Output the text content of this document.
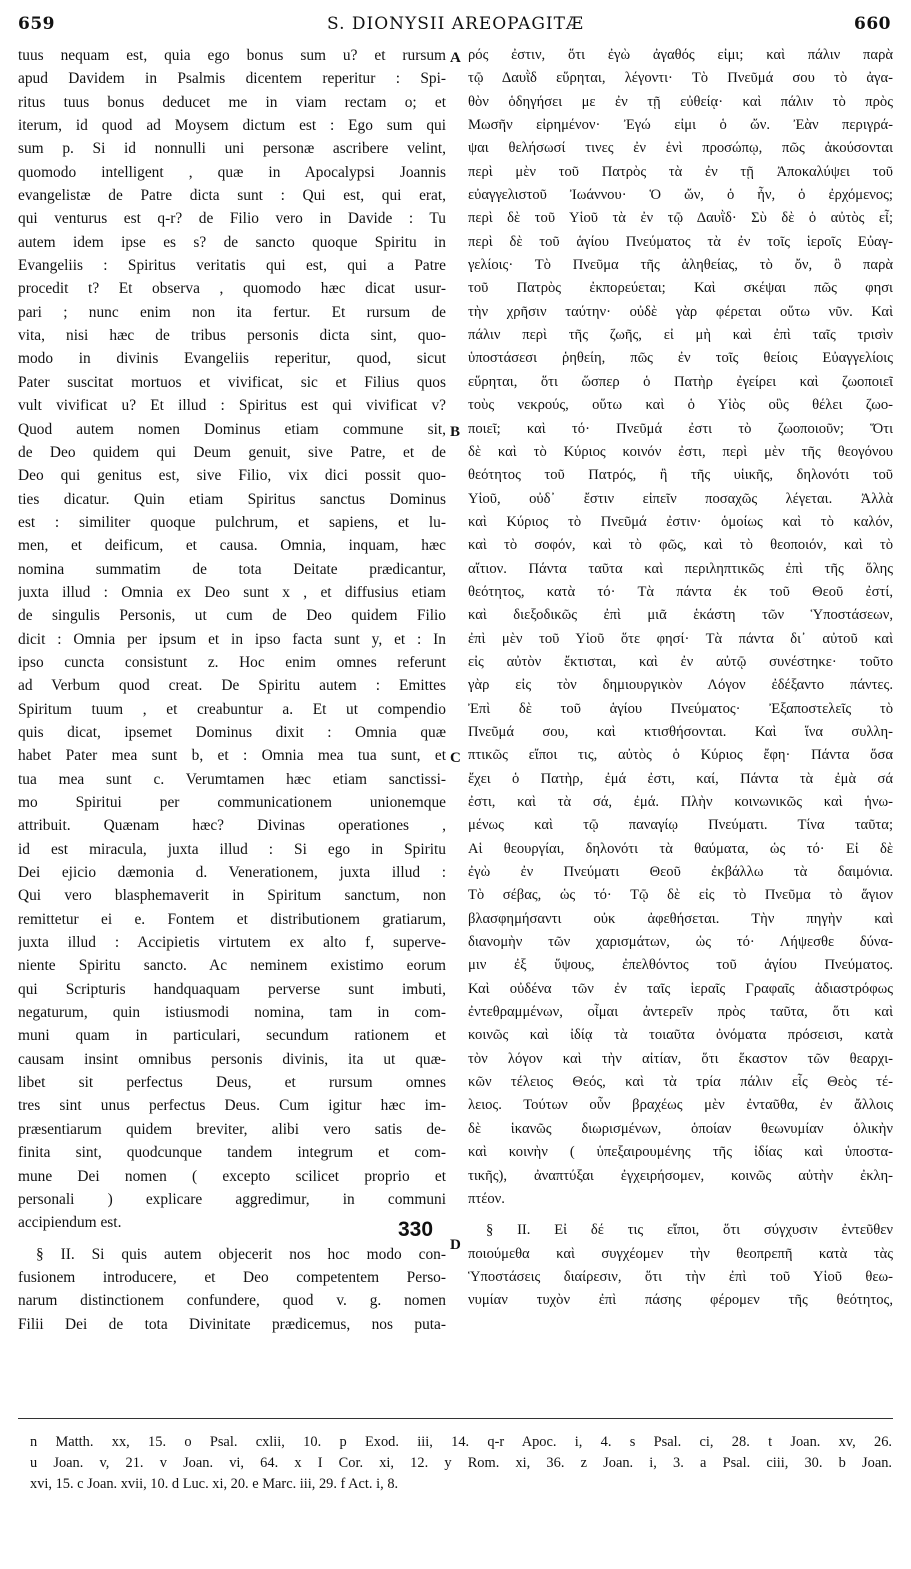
659	S. DIONYSII AREOPAGITÆ	660
tuus nequam est, quia ego bonus sum u? et rursum
apud Davidem in Psalmis dicentem reperitur : Spi-
ritus tuus bonus deducet me in viam rectam o; et
iterum, id quod ad Moysem dictum est : Ego sum qui
sum p. Si id nonnulli uni personæ ascribere velint,
quomodo intelligent , quæ in Apocalypsi Joannis
evangelistæ de Patre dicta sunt : Qui est, qui erat,
qui venturus est q-r? de Filio vero in Davide : Tu
autem idem ipse es s? de sancto quoque Spiritu in
Evangeliis : Spiritus veritatis qui est, qui a Patre
procedit t? Et observa , quomodo hæc dicat usur-
pari ; nunc enim non ita fertur. Et rursum de
vita, nisi hæc de tribus personis dicta sint, quo-
modo in divinis Evangeliis reperitur, quod, sicut
Pater suscitat mortuos et vivificat, sic et Filius quos
vult vivificat u? Et illud : Spiritus est qui vivificat v?
Quod autem nomen Dominus etiam commune sit,
de Deo quidem qui Deum genuit, sive Patre, et de
Deo qui genitus est, sive Filio, vix dici possit quo-
ties dicatur. Quin etiam Spiritus sanctus Dominus
est : similiter quoque pulchrum, et sapiens, et lu-
men, et deificum, et causa. Omnia, inquam, hæc
nomina summatim de tota Deitate prædicantur,
juxta illud : Omnia ex Deo sunt x , et diffusius etiam
de singulis Personis, ut cum de Deo quidem Filio
dicit : Omnia per ipsum et in ipso facta sunt y, et : In
ipso cuncta consistunt z. Hoc enim omnes referunt
ad Verbum quod creat. De Spiritu autem : Emittes
Spiritum tuum , et creabuntur a. Et ut compendio
quis dicat, ipsemet Dominus dixit : Omnia quæ
habet Pater mea sunt b, et : Omnia mea tua sunt, et
tua mea sunt c. Verumtamen hæc etiam sanctissi-
mo Spiritui per communicationem unionemque
attribuit. Quænam hæc? Divinas operationes ,
id est miracula, juxta illud : Si ego in Spiritu
Dei ejicio dæmonia d. Venerationem, juxta illud :
Qui vero blasphemaverit in Spiritum sanctum, non
remittetur ei e. Fontem et distributionem gratiarum,
juxta illud : Accipietis virtutem ex alto f, superve-
niente Spiritu sancto. Ac neminem existimo eorum
qui Scripturis handquaquam perverse sunt imbuti,
negaturum, quin istiusmodi nomina, tam in com-
muni quam in particulari, secundum rationem et
causam insint omnibus personis divinis, ita ut quæ-
libet sit perfectus Deus, et rursum omnes
tres sint unus perfectus Deus. Cum igitur hæc im-
præsentiarum quidem breviter, alibi vero satis de-
finita sint, quodcunque tandem integrum et com-
mune Dei nomen ( excepto scilicet proprio et
personali ) explicare aggredimur, in communi
accipiendum est.
§ II. Si quis autem objecerit nos hoc modo con-
fusionem introducere, et Deo competentem Perso-
narum distinctionem confundere, quod v. g. nomen
Filii Dei de tota Divinitate prædicemus, nos puta-
ρός ἐστιν, ὅτι ἐγὼ ἀγαθός εἰμι; καὶ πάλιν παρὰ
τῷ Δαυῒδ εὕρηται, λέγοντι· Τὸ Πνεῦμά σου τὸ ἀγα-
θὸν ὁδηγήσει με ἐν τῇ εὐθείᾳ· καὶ πάλιν τὸ πρὸς
Μωσῆν εἰρημένον· Ἐγώ εἰμι ὁ ὤν. Ἐὰν περιγρά-
ψαι θελήσωσί τινες ἐν ἑνὶ προσώπῳ, πῶς ἀκούσονται
περὶ μὲν τοῦ Πατρὸς τὰ ἐν τῇ Ἀποκαλύψει τοῦ
εὐαγγελιστοῦ Ἰωάννου· Ὁ ὤν, ὁ ἦν, ὁ ἐρχόμενος;
περὶ δὲ τοῦ Υἱοῦ τὰ ἐν τῷ Δαυῒδ· Σὺ δὲ ὁ αὐτὸς εἶ;
περὶ δὲ τοῦ ἁγίου Πνεύματος τὰ ἐν τοῖς ἱεροῖς Εὐαγ-
γελίοις· Τὸ Πνεῦμα τῆς ἀληθείας, τὸ ὄν, ὃ παρὰ
τοῦ Πατρὸς ἐκπορεύεται; Καὶ σκέψαι πῶς φησι
τὴν χρῆσιν ταύτην· οὐδὲ γὰρ φέρεται οὕτω νῦν. Καὶ
πάλιν περὶ τῆς ζωῆς, εἰ μὴ καὶ ἐπὶ ταῖς τρισὶν
ὑποστάσεσι ῥηθείη, πῶς ἐν τοῖς θείοις Εὐαγγελίοις
εὕρηται, ὅτι ὥσπερ ὁ Πατὴρ ἐγείρει καὶ ζωοποιεῖ
τοὺς νεκρούς, οὕτω καὶ ὁ Υἱὸς οὓς θέλει ζωο-
ποιεῖ; καὶ τό· Πνεῦμά ἐστι τὸ ζωοποιοῦν; Ὅτι
δὲ καὶ τὸ Κύριος κοινόν ἐστι, περὶ μὲν τῆς θεογόνου
θεότητος τοῦ Πατρός, ἢ τῆς υἱικῆς, δηλονότι τοῦ
Υἱοῦ, οὐδ᾽ ἔστιν εἰπεῖν ποσαχῶς λέγεται. Ἀλλὰ
καὶ Κύριος τὸ Πνεῦμά ἐστιν· ὁμοίως καὶ τὸ καλόν,
καὶ τὸ σοφόν, καὶ τὸ φῶς, καὶ τὸ θεοποιόν, καὶ τὸ
αἴτιον. Πάντα ταῦτα καὶ περιληπτικῶς ἐπὶ τῆς ὅλης
θεότητος, κατὰ τό· Τὰ πάντα ἐκ τοῦ Θεοῦ ἐστί,
καὶ διεξοδικῶς ἐπὶ μιᾶ ἑκάστη τῶν Ὑποστάσεων,
ἐπὶ μὲν τοῦ Υἱοῦ ὅτε φησί· Τὰ πάντα δι᾽ αὐτοῦ καὶ
εἰς αὐτὸν ἔκτισται, καὶ ἐν αὐτῷ συνέστηκε· τοῦτο
γὰρ εἰς τὸν δημιουργικὸν Λόγον ἐδέξαντο πάντες.
Ἐπὶ δὲ τοῦ ἁγίου Πνεύματος· Ἐξαποστελεῖς τὸ
Πνεῦμά σου, καὶ κτισθήσονται. Καὶ ἵνα συλλη-
πτικῶς εἴποι τις, αὐτὸς ὁ Κύριος ἔφη· Πάντα ὅσα
ἔχει ὁ Πατὴρ, ἐμά ἐστι, καί, Πάντα τὰ ἐμὰ σά
ἐστι, καὶ τὰ σά, ἐμά. Πλὴν κοινωνικῶς καὶ ἡνω-
μένως καὶ τῷ παναγίῳ Πνεύματι. Τίνα ταῦτα;
Αἱ θεουργίαι, δηλονότι τὰ θαύματα, ὡς τό· Εἰ δὲ
ἐγὼ ἐν Πνεύματι Θεοῦ ἐκβάλλω τὰ δαιμόνια.
Τὸ σέβας, ὡς τό· Τῷ δὲ εἰς τὸ Πνεῦμα τὸ ἅγιον
βλασφημήσαντι οὐκ ἀφεθήσεται. Τὴν πηγὴν καὶ
διανομὴν τῶν χαρισμάτων, ὡς τό· Λήψεσθε δύνα-
μιν ἐξ ὕψους, ἐπελθόντος τοῦ ἁγίου Πνεύματος.
Καὶ οὐδένα τῶν ἐν ταῖς ἱεραῖς Γραφαῖς ἀδιαστρόφως
ἐντεθραμμένων, οἶμαι ἀντερεῖν πρὸς ταῦτα, ὅτι καὶ
κοινῶς καὶ ἰδίᾳ τὰ τοιαῦτα ὀνόματα πρόσεισι, κατὰ
τὸν λόγον καὶ τὴν αἰτίαν, ὅτι ἕκαστον τῶν θεαρχι-
κῶν τέλειος Θεός, καὶ τὰ τρία πάλιν εἷς Θεὸς τέ-
λειος. Τούτων οὖν βραχέως μὲν ἐνταῦθα, ἐν ἄλλοις
δὲ ἱκανῶς διωρισμένων, ὁποίαν θεωνυμίαν ὁλικὴν
καὶ κοινὴν ( ὑπεξαιρουμένης τῆς ἰδίας καὶ ὑποστα-
τικῆς), ἀναπτύξαι ἐγχειρήσομεν, κοινῶς αὐτὴν ἐκλη-
πτέον.
§ II. Εἰ δέ τις εἴποι, ὅτι σύγχυσιν ἐντεῦθεν
ποιούμεθα καὶ συγχέομεν τὴν θεοπρεπῆ κατὰ τὰς
Ὑποστάσεις διαίρεσιν, ὅτι τὴν ἐπὶ τοῦ Υἱοῦ θεω-
νυμίαν τυχὸν ἐπὶ πάσης φέρομεν τῆς θεότητος,
A
B
C
D
330
n Matth. xx, 15. o Psal. cxlii, 10. p Exod. iii, 14. q-r Apoc. i, 4. s Psal. ci, 28. t Joan. xv, 26.
u Joan. v, 21. v Joan. vi, 64. x I Cor. xi, 12. y Rom. xi, 36. z Joan. i, 3. a Psal. ciii, 30. b Joan.
xvi, 15. c Joan. xvii, 10. d Luc. xi, 20. e Marc. iii, 29. f Act. i, 8.
